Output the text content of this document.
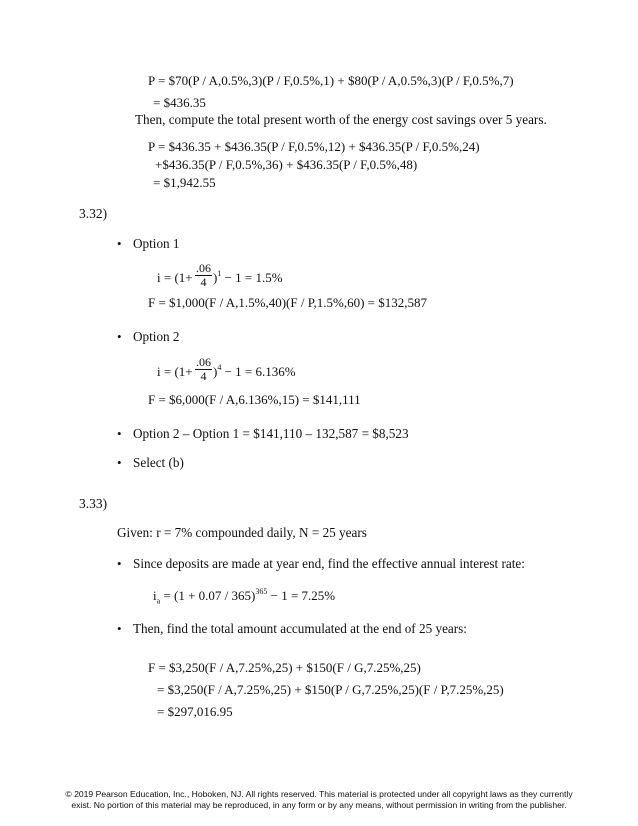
P = $70(P / A,0.5%,3)(P / F,0.5%,1) + $80(P / A,0.5%,3)(P / F,0.5%,7)
= $436.35
Then, compute the total present worth of the energy cost savings over 5 years.
P = $436.35 + $436.35(P / F,0.5%,12) + $436.35(P / F,0.5%,24)
+$436.35(P / F,0.5%,36) + $436.35(P / F,0.5%,48)
= $1,942.55
3.32)
• Option 1
$i = (1+ \frac{.06}{4} )^1 - 1 = 1.5\%$
F = $1,000(F / A,1.5%,40)(F / P,1.5%,60) = $132,587
• Option 2
$i = (1+ \frac{.06}{4} )^4 - 1 = 6.136\%$
F = $6,000(F / A,6.136%,15) = $141,111
• Option 2 – Option 1 = $141,110 – 132,587 = $8,523
• Select (b)
3.33)
Given: r = 7% compounded daily, N = 25 years
• Since deposits are made at year end, find the effective annual interest rate:
$i_a = (1 + 0.07 / 365)^{365} - 1 = 7.25\%$
• Then, find the total amount accumulated at the end of 25 years:
F = $3,250(F / A,7.25%,25) + $150(F / G,7.25%,25)
= $3,250(F / A,7.25%,25) + $150(P / G,7.25%,25)(F / P,7.25%,25)
= $297,016.95
© 2019 Pearson Education, Inc., Hoboken, NJ. All rights reserved. This material is protected under all copyright laws as they currently
exist. No portion of this material may be reproduced, in any form or by any means, without permission in writing from the publisher.
